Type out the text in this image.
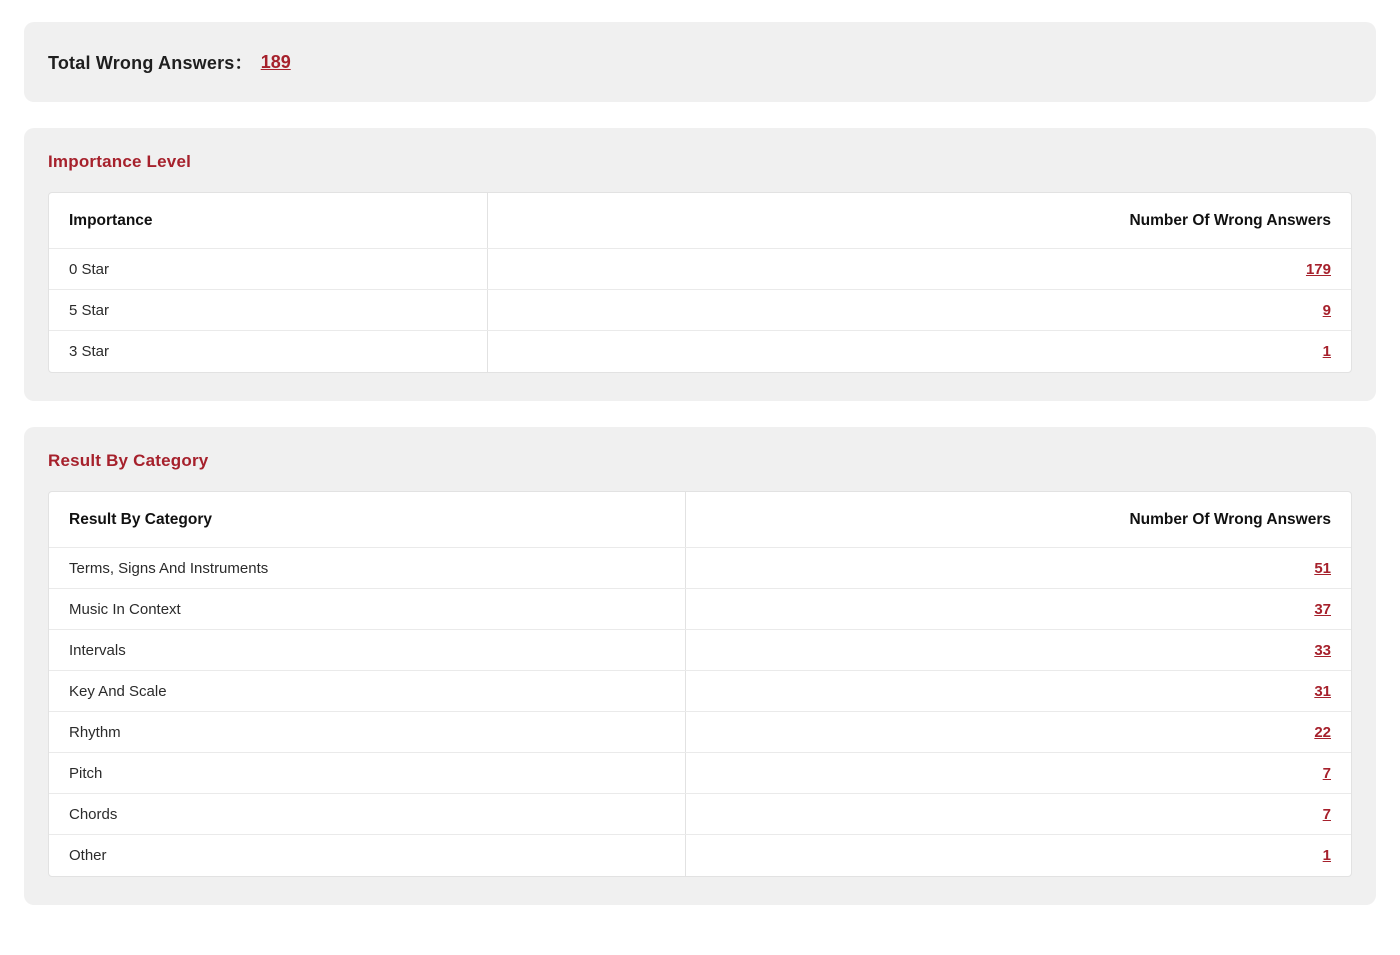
Total Wrong Answers： 189
Importance Level
Importance	Number Of Wrong Answers
0 Star	179
5 Star	9
3 Star	1
Result By Category
Result By Category	Number Of Wrong Answers
Terms, Signs And Instruments	51
Music In Context	37
Intervals	33
Key And Scale	31
Rhythm	22
Pitch	7
Chords	7
Other	1
